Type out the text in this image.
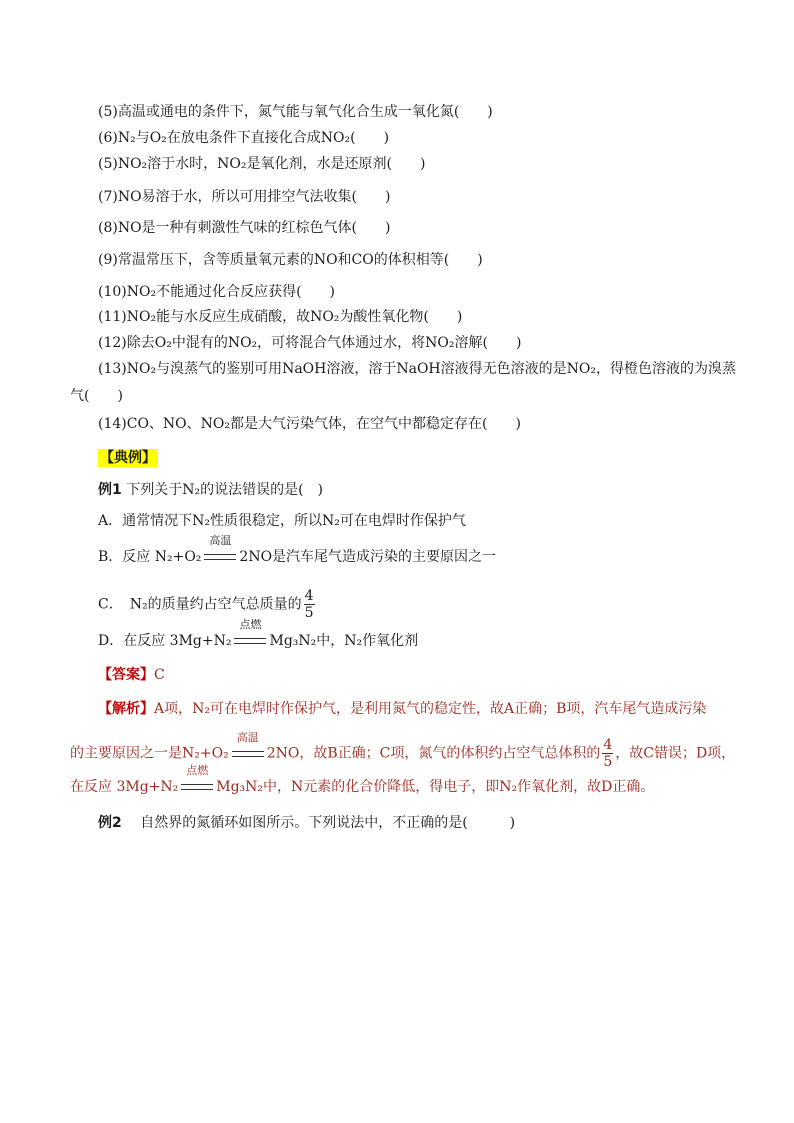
(5)高温或通电的条件下，氮气能与氧气化合生成一氧化氮(　　)
(6)N₂与O₂在放电条件下直接化合成NO₂(　　)
(5)NO₂溶于水时，NO₂是氧化剂，水是还原剂(　　)
(7)NO易溶于水，所以可用排空气法收集(　　)
(8)NO是一种有刺激性气味的红棕色气体(　　)
(9)常温常压下，含等质量氧元素的NO和CO的体积相等(　　)
(10)NO₂不能通过化合反应获得(　　)
(11)NO₂能与水反应生成硝酸，故NO₂为酸性氧化物(　　)
(12)除去O₂中混有的NO₂，可将混合气体通过水，将NO₂溶解(　　)
(13)NO₂与溴蒸气的鉴别可用NaOH溶液，溶于NaOH溶液得无色溶液的是NO₂，得橙色溶液的为溴蒸
气(　　)
(14)CO、NO、NO₂都是大气污染气体，在空气中都稳定存在(　　)
【典例】
例1 下列关于N₂的说法错误的是(　)
A．通常情况下N₂性质很稳定，所以N₂可在电焊时作保护气
B．反应 N₂+O₂
高温
2NO是汽车尾气造成污染的主要原因之一
C．　N₂的质量约占空气总质量的 $\frac{4}{5}$
D．在反应 3Mg+N₂
点燃
Mg₃N₂中，N₂作氧化剂
【答案】C
【解析】A项，N₂可在电焊时作保护气，是利用氮气的稳定性，故A正确；B项，汽车尾气造成污染
的主要原因之一是N₂+O₂
高温
2NO，故B正确；C项，氮气的体积约占空气总体积的 $\frac{4}{5}$ ，故C错误；D项，
在反应 3Mg+N₂
点燃
Mg₃N₂中，N元素的化合价降低，得电子，即N₂作氧化剂，故D正确。
例2 　自然界的氮循环如图所示。下列说法中，不正确的是(　　　)
